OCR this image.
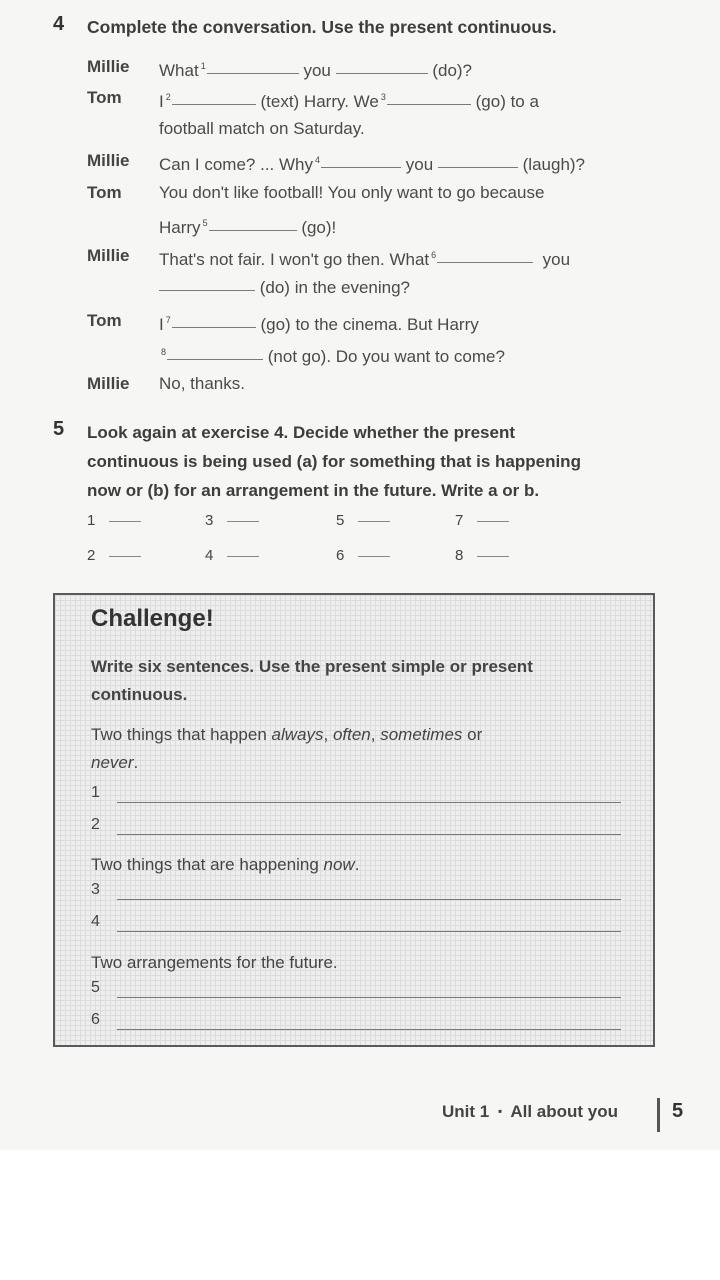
4 Complete the conversation. Use the present continuous.
Millie What $^1$	you	(do)?
Tom I $^2$	(text) Harry. We $^3$	(go) to a
football match on Saturday.
Millie Can I come? ... Why $^4$	you	(laugh)?
Tom You don't like football! You only want to go because
Harry $^5$	(go)!
Millie That's not fair. I won't go then. What $^6$	you
(do) in the evening?
Tom I $^7$	(go) to the cinema. But Harry
$^8$	(not go). Do you want to come?
Millie No, thanks.
5 Look again at exercise 4. Decide whether the present
continuous is being used (a) for something that is happening
now or (b) for an arrangement in the future. Write a or b.
1	3	5	7
2	4	6	8
Challenge!
Write six sentences. Use the present simple or present
continuous.
Two things that happen always, often, sometimes or
never.
1
2
Two things that are happening now.
3
4
Two arrangements for the future.
5
6
Unit 1 ▪ All about you	5
